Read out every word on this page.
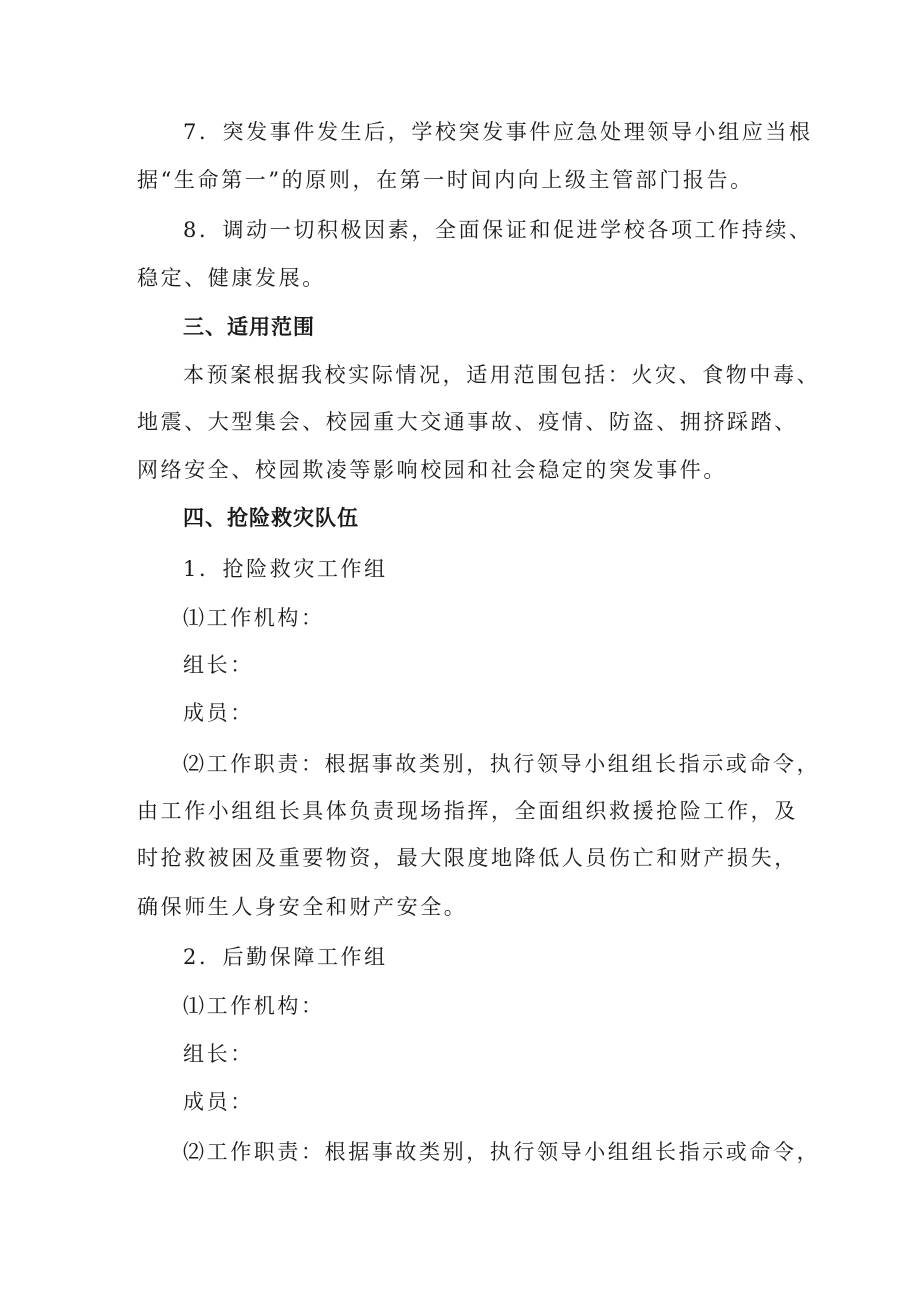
7．突发事件发生后，学校突发事件应急处理领导小组应当根
据“生命第一”的原则，在第一时间内向上级主管部门报告。
8．调动一切积极因素，全面保证和促进学校各项工作持续、
稳定、健康发展。
三、适用范围
本预案根据我校实际情况，适用范围包括：火灾、食物中毒、
地震、大型集会、校园重大交通事故、疫情、防盗、拥挤踩踏、
网络安全、校园欺凌等影响校园和社会稳定的突发事件。
四、抢险救灾队伍
1．抢险救灾工作组
⑴工作机构：
组长：
成员：
⑵工作职责：根据事故类别，执行领导小组组长指示或命令，
由工作小组组长具体负责现场指挥，全面组织救援抢险工作，及
时抢救被困及重要物资，最大限度地降低人员伤亡和财产损失，
确保师生人身安全和财产安全。
2．后勤保障工作组
⑴工作机构：
组长：
成员：
⑵工作职责：根据事故类别，执行领导小组组长指示或命令，
